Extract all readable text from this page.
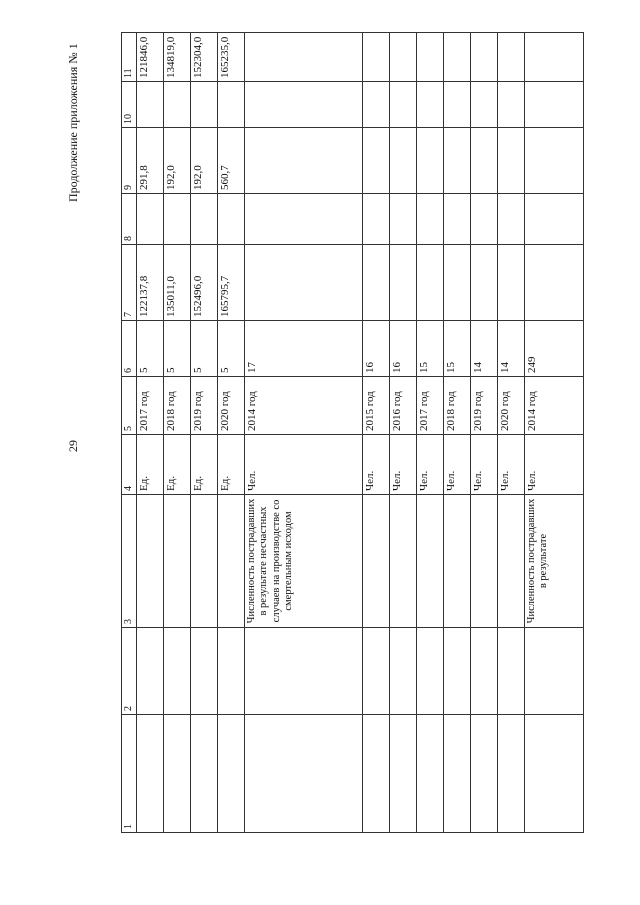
29
Продолжение приложения № 1
1	2	3	4	5	6	7	8	9	10	11
			Ед.	2017 год	5	122137,8		291,8		121846,0
			Ед.	2018 год	5	135011,0		192,0		134819,0
			Ед.	2019 год	5	152496,0		192,0		152304,0
			Ед.	2020 год	5	165795,7		560,7		165235,0
		Численность пострадавших в результате несчастных случаев на производстве со смертельным исходом	Чел.	2014 год	17					
			Чел.	2015 год	16					
			Чел.	2016 год	16					
			Чел.	2017 год	15					
			Чел.	2018 год	15					
			Чел.	2019 год	14					
			Чел.	2020 год	14					
		Численность пострадавших в результате	Чел.	2014 год	249					
